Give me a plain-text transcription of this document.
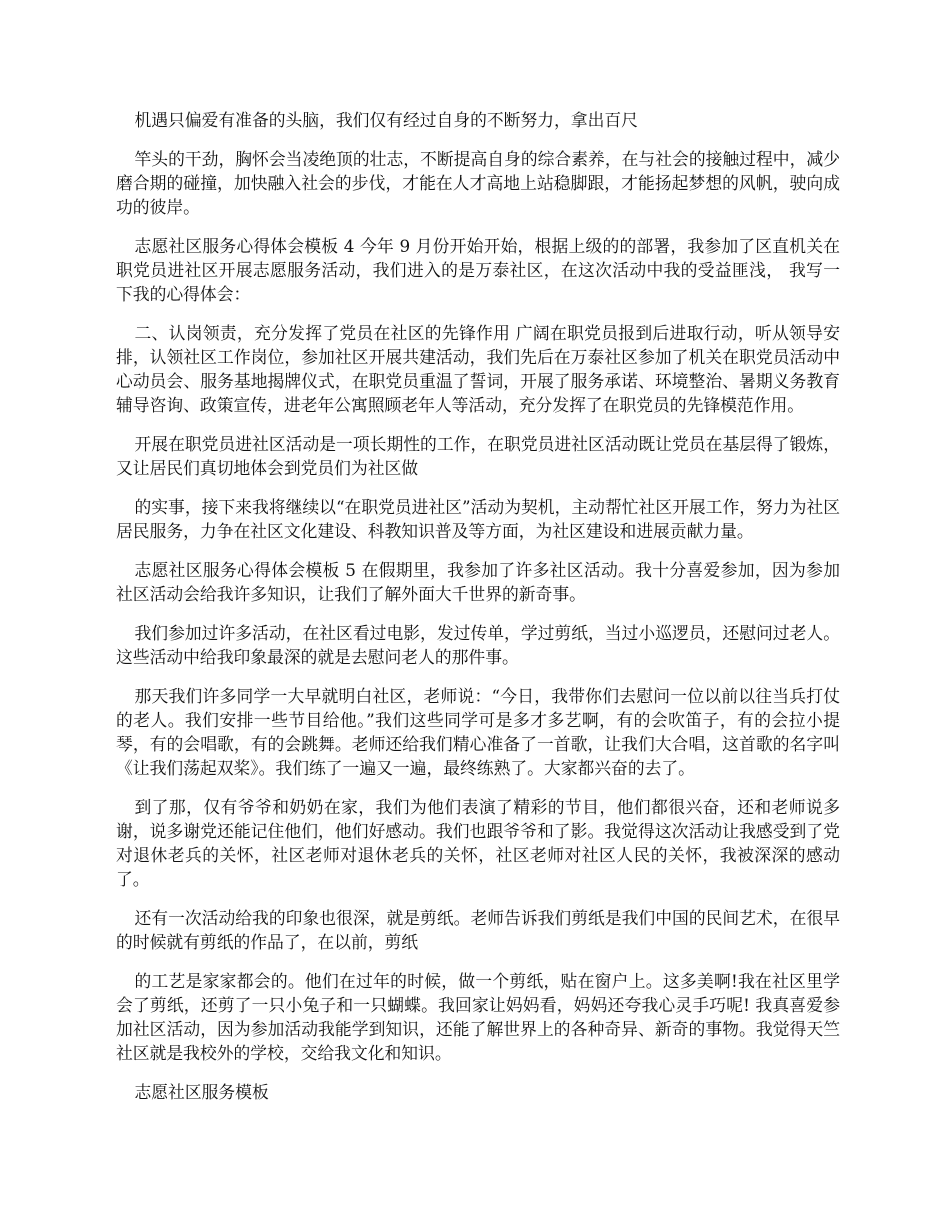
机遇只偏爱有准备的头脑，我们仅有经过自身的不断努力，拿出百尺

竿头的干劲，胸怀会当凌绝顶的壮志，不断提高自身的综合素养，在与社会的接触过程中，减少磨合期的碰撞，加快融入社会的步伐，才能在人才高地上站稳脚跟，才能扬起梦想的风帆，驶向成功的彼岸。

志愿社区服务心得体会模板 4 今年 9 月份开始开始，根据上级的的部署，我参加了区直机关在职党员进社区开展志愿服务活动，我们进入的是万泰社区，在这次活动中我的受益匪浅， 我写一下我的心得体会：

二、认岗领责，充分发挥了党员在社区的先锋作用 广阔在职党员报到后进取行动，听从领导安排，认领社区工作岗位，参加社区开展共建活动，我们先后在万泰社区参加了机关在职党员活动中心动员会、服务基地揭牌仪式，在职党员重温了誓词，开展了服务承诺、环境整治、暑期义务教育辅导咨询、政策宣传，进老年公寓照顾老年人等活动，充分发挥了在职党员的先锋模范作用。

开展在职党员进社区活动是一项长期性的工作，在职党员进社区活动既让党员在基层得了锻炼，又让居民们真切地体会到党员们为社区做

的实事，接下来我将继续以“在职党员进社区”活动为契机，主动帮忙社区开展工作，努力为社区居民服务，力争在社区文化建设、科教知识普及等方面，为社区建设和进展贡献力量。

志愿社区服务心得体会模板 5 在假期里，我参加了许多社区活动。我十分喜爱参加，因为参加社区活动会给我许多知识，让我们了解外面大千世界的新奇事。

我们参加过许多活动，在社区看过电影，发过传单，学过剪纸，当过小巡逻员，还慰问过老人。这些活动中给我印象最深的就是去慰问老人的那件事。

那天我们许多同学一大早就明白社区，老师说：“今日，我带你们去慰问一位以前以往当兵打仗的老人。我们安排一些节目给他。”我们这些同学可是多才多艺啊，有的会吹笛子，有的会拉小提琴，有的会唱歌，有的会跳舞。老师还给我们精心准备了一首歌，让我们大合唱，这首歌的名字叫《让我们荡起双桨》。我们练了一遍又一遍，最终练熟了。大家都兴奋的去了。

到了那，仅有爷爷和奶奶在家，我们为他们表演了精彩的节目，他们都很兴奋，还和老师说多谢，说多谢党还能记住他们，他们好感动。我们也跟爷爷和了影。我觉得这次活动让我感受到了党对退休老兵的关怀，社区老师对退休老兵的关怀，社区老师对社区人民的关怀，我被深深的感动了。

还有一次活动给我的印象也很深，就是剪纸。老师告诉我们剪纸是我们中国的民间艺术，在很早的时候就有剪纸的作品了，在以前，剪纸

的工艺是家家都会的。他们在过年的时候，做一个剪纸，贴在窗户上。这多美啊!我在社区里学会了剪纸，还剪了一只小兔子和一只蝴蝶。我回家让妈妈看，妈妈还夸我心灵手巧呢! 我真喜爱参加社区活动，因为参加活动我能学到知识，还能了解世界上的各种奇异、新奇的事物。我觉得天竺社区就是我校外的学校，交给我文化和知识。

志愿社区服务模板
